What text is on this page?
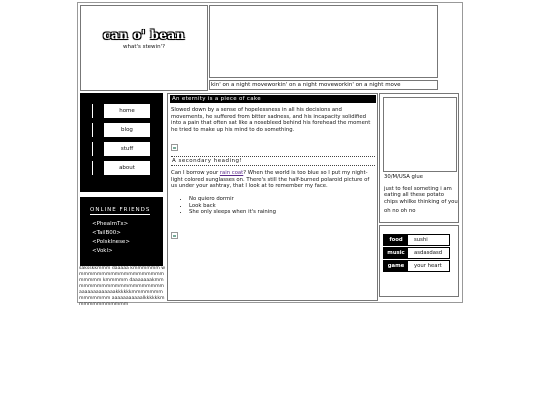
can o' bean
what's stewin'?
kin' on a night moveworkin' on a night moveworkin' on a night move
home
blog
stuff
about
ONLINE FRIENDS
<PhealmTx>
<TailB00>
<Polsklnese>
<Vokl>
saksskkmmm daaaaa kmmmmmm wmmmmmmmmmmmmmmmmmmmmmmmm kmmmmm daaaaaaakmmmmmmmmmmmmmmmmmmmmm aaaaaaaaaaaaakkkkkkmmmmmmmmmmmmmm aaaaaaaaaaalkkkkkkmmmmmmmmmmmm
An eternity is a piece of cake
Slowed down by a sense of hopelessness in all his decisions and movements, he suffered from bitter sadness, and his incapacity solidified into a pain that often sat like a nosebleed behind his forehead the moment he tried to make up his mind to do something.
A secondary heading!
Can I borrow your rain coat? When the world is too blue so I put my night-light colored sunglasses on. There's still the half-burned polaroid picture of us under your ashtray, that I look at to remember my face.
• No quiero dormir
• Look back
• She only sleeps when it's raining
30/M/USA glue
just to feel someting i am eating all these potato chips whilke thinking of you
oh no oh no
food	sushi
music	asdasdasd
game	your heart
